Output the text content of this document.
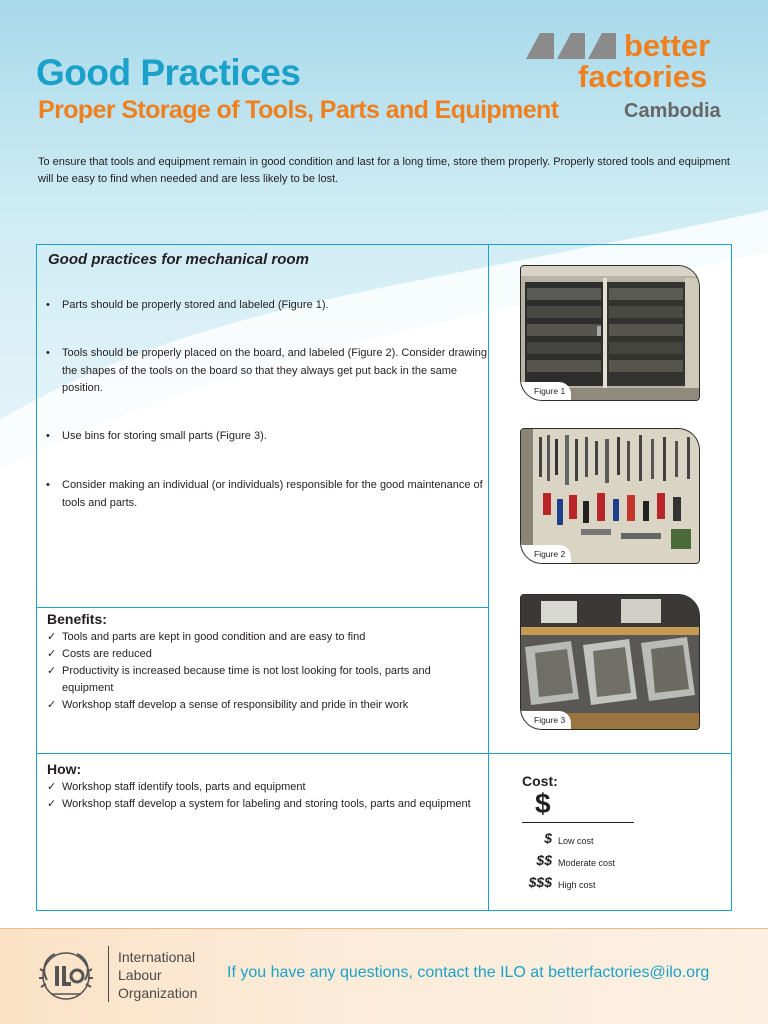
Good Practices
Proper Storage of Tools, Parts and Equipment
better
factories
Cambodia

To ensure that tools and equipment remain in good condition and last for a long time, store them properly. Properly stored tools and equipment will be easy to find when needed and are less likely to be lost.

Good practices for mechanical room
• Parts should be properly stored and labeled (Figure 1).
• Tools should be properly placed on the board, and labeled (Figure 2). Consider drawing the shapes of the tools on the board so that they always get put back in the same position.
• Use bins for storing small parts (Figure 3).
• Consider making an individual (or individuals) responsible for the good maintenance of tools and parts.
Benefits:
✓ Tools and parts are kept in good condition and are easy to find
✓ Costs are reduced
✓ Productivity is increased because time is not lost looking for tools, parts and equipment
✓ Workshop staff develop a sense of responsibility and pride in their work
How:
✓ Workshop staff identify tools, parts and equipment
✓ Workshop staff develop a system for labeling and storing tools, parts and equipment
Figure 1
Figure 2
Figure 3
Cost:
$
$ Low cost
$$ Moderate cost
$$$ High cost
International
Labour
Organization
If you have any questions, contact the ILO at betterfactories@ilo.org
